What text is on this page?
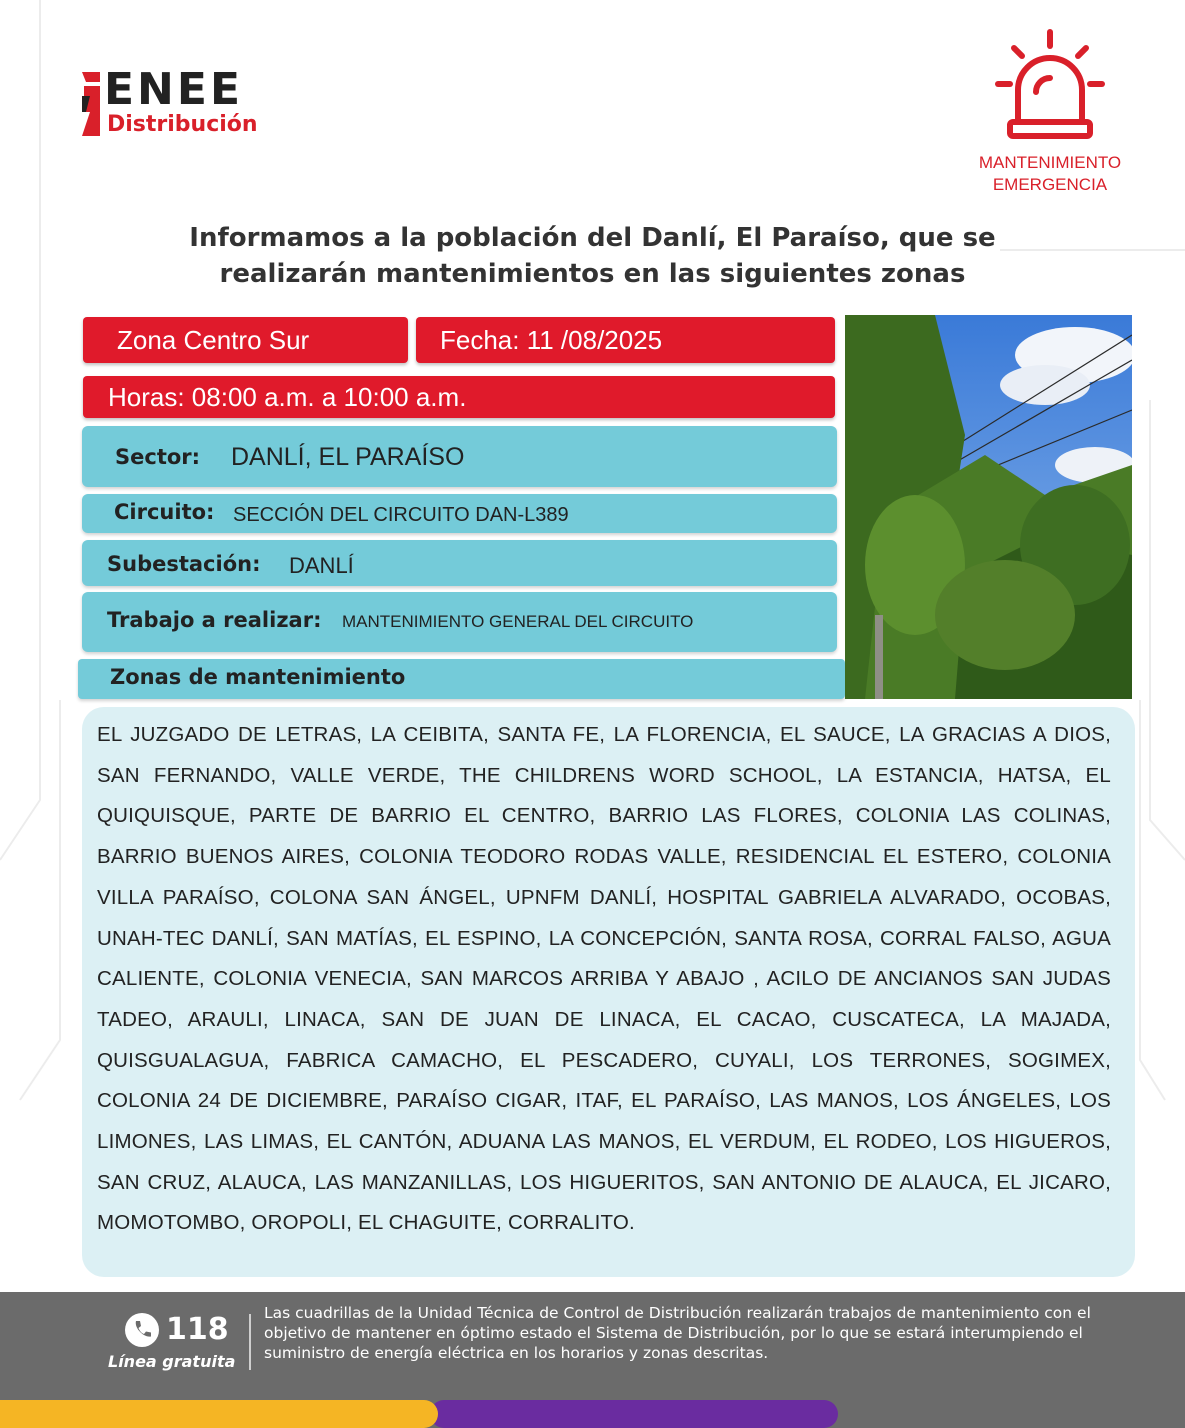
ENEE
Distribución
MANTENIMIENTO
EMERGENCIA
Informamos a la población del Danlí, El Paraíso, que se
realizarán mantenimientos en las siguientes zonas
Zona Centro Sur	Fecha: 11 /08/2025
Horas: 08:00 a.m. a 10:00 a.m.
Sector: DANLÍ, EL PARAÍSO
Circuito: SECCIÓN DEL CIRCUITO DAN-L389
Subestación: DANLÍ
Trabajo a realizar: MANTENIMIENTO GENERAL DEL CIRCUITO
Zonas de mantenimiento

EL JUZGADO DE LETRAS, LA CEIBITA, SANTA FE, LA FLORENCIA, EL SAUCE, LA GRACIAS A DIOS, SAN FERNANDO, VALLE VERDE, THE CHILDRENS WORD SCHOOL, LA ESTANCIA, HATSA, EL QUIQUISQUE, PARTE DE BARRIO EL CENTRO, BARRIO LAS FLORES, COLONIA LAS COLINAS, BARRIO BUENOS AIRES, COLONIA TEODORO RODAS VALLE, RESIDENCIAL EL ESTERO, COLONIA VILLA PARAÍSO, COLONA SAN ÁNGEL, UPNFM DANLÍ, HOSPITAL GABRIELA ALVARADO, OCOBAS, UNAH-TEC DANLÍ, SAN MATÍAS, EL ESPINO, LA CONCEPCIÓN, SANTA ROSA, CORRAL FALSO, AGUA CALIENTE, COLONIA VENECIA, SAN MARCOS ARRIBA Y ABAJO , ACILO DE ANCIANOS SAN JUDAS TADEO, ARAULI, LINACA, SAN DE JUAN DE LINACA, EL CACAO, CUSCATECA, LA MAJADA, QUISGUALAGUA, FABRICA CAMACHO, EL PESCADERO, CUYALI, LOS TERRONES, SOGIMEX, COLONIA 24 DE DICIEMBRE, PARAÍSO CIGAR, ITAF, EL PARAÍSO, LAS MANOS, LOS ÁNGELES, LOS LIMONES, LAS LIMAS, EL CANTÓN, ADUANA LAS MANOS, EL VERDUM, EL RODEO, LOS HIGUEROS, SAN CRUZ, ALAUCA, LAS MANZANILLAS, LOS HIGUERITOS, SAN ANTONIO DE ALAUCA, EL JICARO, MOMOTOMBO, OROPOLI, EL CHAGUITE, CORRALITO.

118
Línea gratuita
Las cuadrillas de la Unidad Técnica de Control de Distribución realizarán trabajos de mantenimiento con el objetivo de mantener en óptimo estado el Sistema de Distribución, por lo que se estará interumpiendo el suministro de energía eléctrica en los horarios y zonas descritas.
